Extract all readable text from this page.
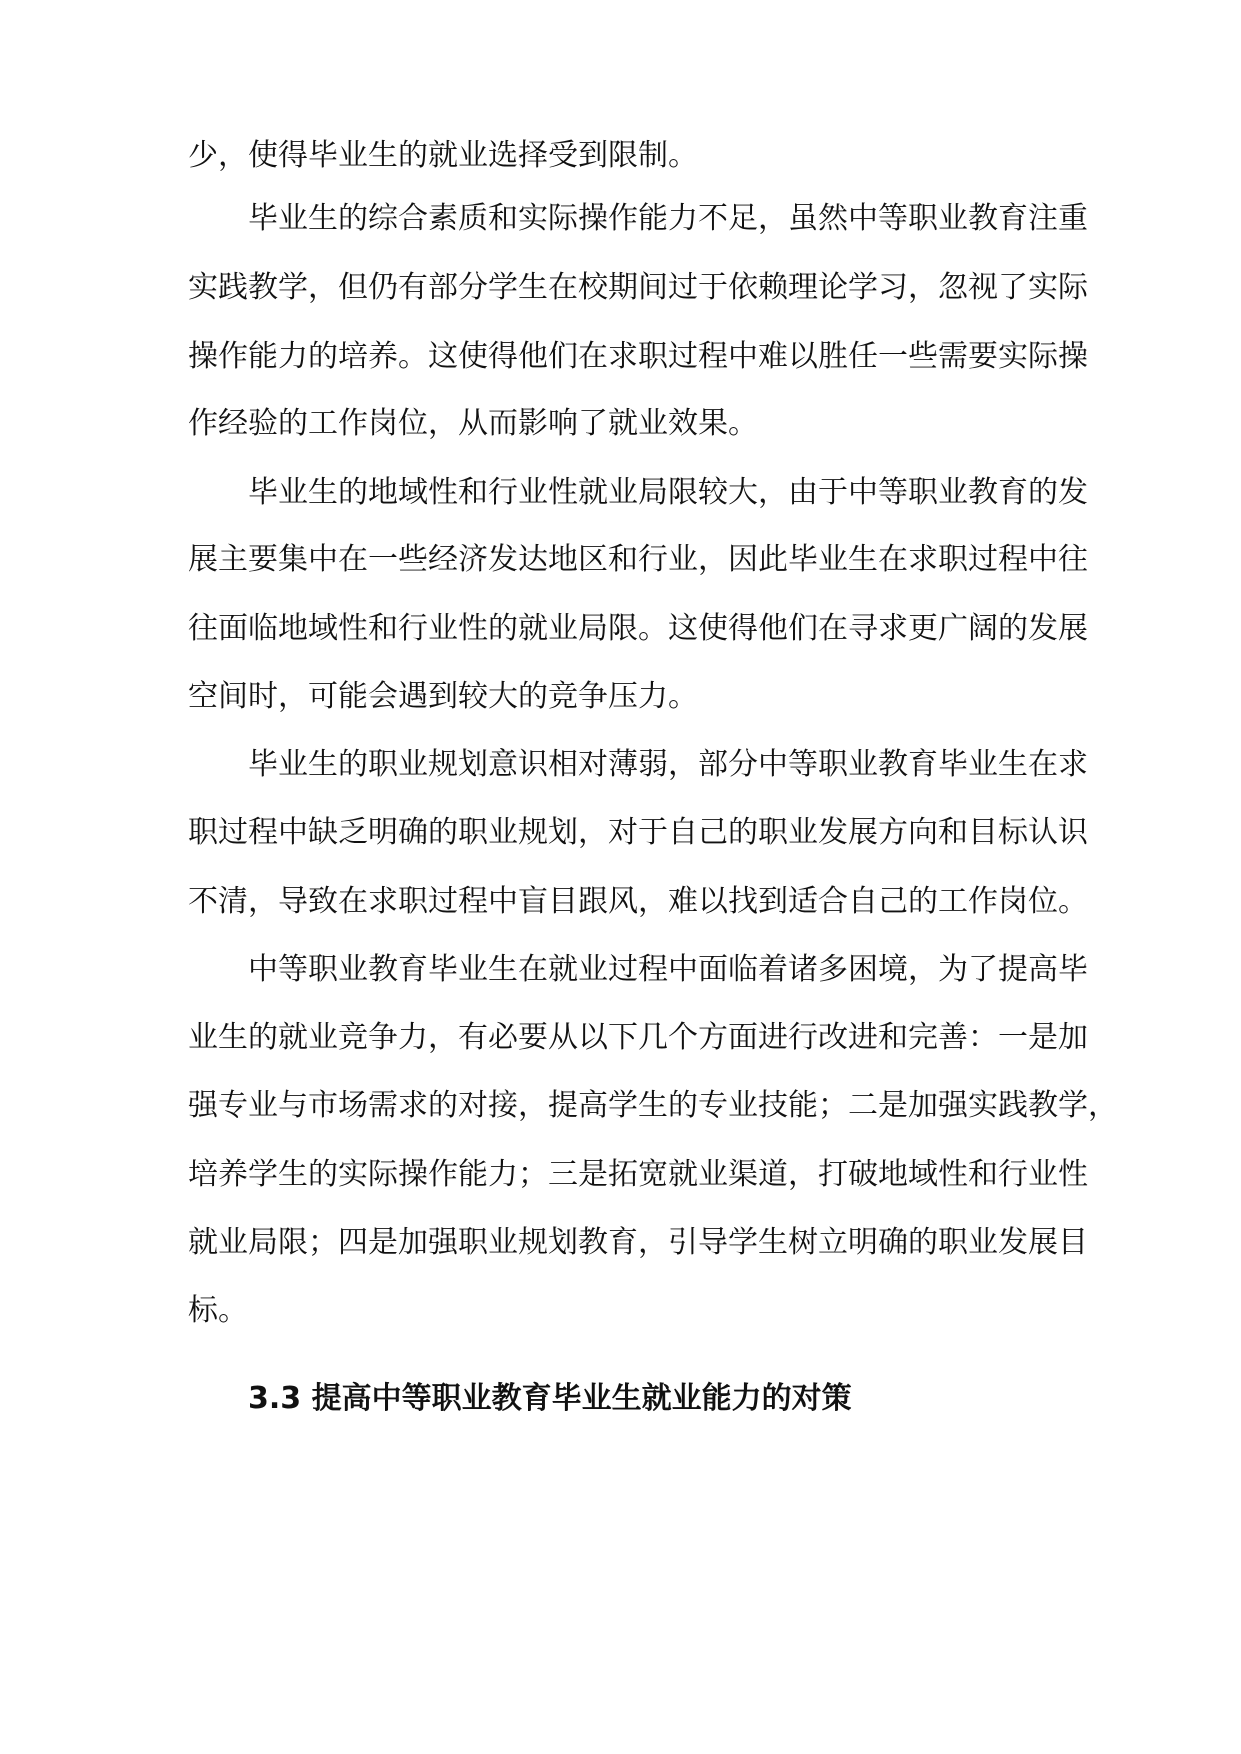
少，使得毕业生的就业选择受到限制。
毕业生的综合素质和实际操作能力不足，虽然中等职业教育注重
实践教学，但仍有部分学生在校期间过于依赖理论学习，忽视了实际
操作能力的培养。这使得他们在求职过程中难以胜任一些需要实际操
作经验的工作岗位，从而影响了就业效果。
毕业生的地域性和行业性就业局限较大，由于中等职业教育的发
展主要集中在一些经济发达地区和行业，因此毕业生在求职过程中往
往面临地域性和行业性的就业局限。这使得他们在寻求更广阔的发展
空间时，可能会遇到较大的竞争压力。
毕业生的职业规划意识相对薄弱，部分中等职业教育毕业生在求
职过程中缺乏明确的职业规划，对于自己的职业发展方向和目标认识
不清，导致在求职过程中盲目跟风，难以找到适合自己的工作岗位。
中等职业教育毕业生在就业过程中面临着诸多困境，为了提高毕
业生的就业竞争力，有必要从以下几个方面进行改进和完善：一是加
强专业与市场需求的对接，提高学生的专业技能；二是加强实践教学，
培养学生的实际操作能力；三是拓宽就业渠道，打破地域性和行业性
就业局限；四是加强职业规划教育，引导学生树立明确的职业发展目
标。
3.3 提高中等职业教育毕业生就业能力的对策
